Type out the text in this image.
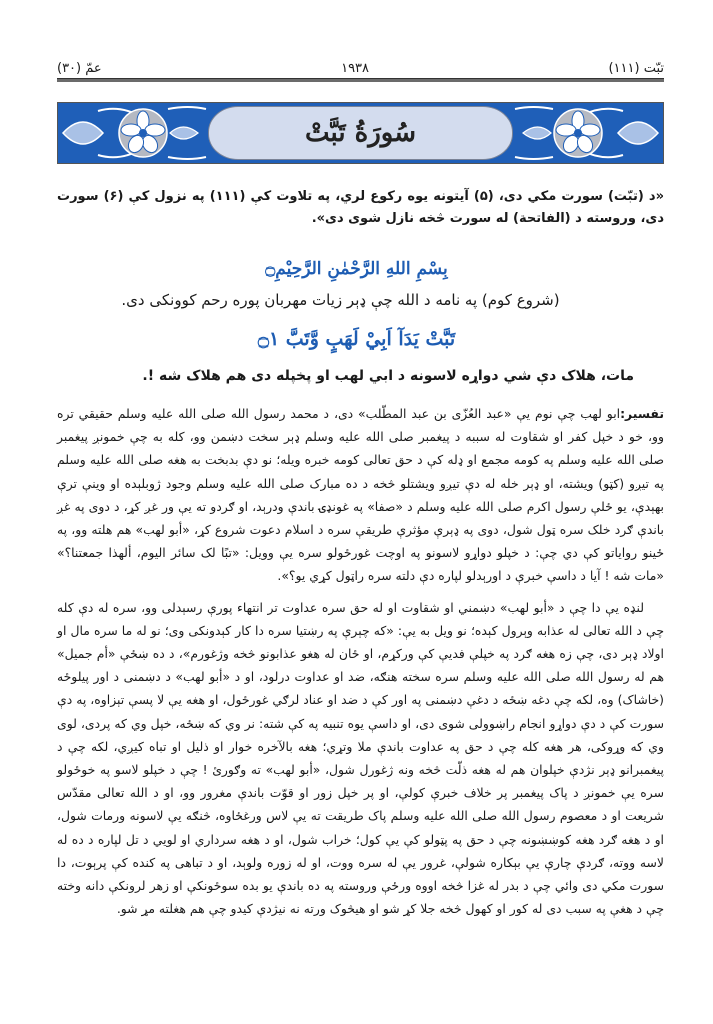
تبّت (۱۱۱)
۱۹۳۸
عمّ (۳۰)
سُورَةُ تَبَّتْ
«د (تبّت) سورت مکي دی، (۵) آیتونه یوه رکوع لري، په تلاوت کې (۱۱۱) په نزول کې (۶) سورت دی، وروسته د (الفاتحة) له سورت څخه نازل شوی دی».
بِسْمِ اللهِ الرَّحْمٰنِ الرَّحِيْمِ۝
(شروع کوم) په نامه د الله چې ډېر زيات مهربان پوره رحم کوونکی دی.
تَبَّتْ يَدَآ اَبِيْ لَهَبٍ وَّتَبَّ ۝۱
مات، هلاک دې شي دواړه لاسونه د ابي لهب او پخپله دی هم هلاک شه !.

تفسير:ابو لهب چې نوم یې «عبد العُزّی بن عبد المطّلب» دی، د محمد رسول الله صلی الله علیه وسلم حقیقي تره وو، خو د خپل کفر او شقاوت له سببه د پیغمبر صلی الله علیه وسلم ډېر سخت دښمن وو، کله به چې خمونږ پیغمبر صلی الله علیه وسلم په کومه مجمع او ډله کې د حق تعالی کومه خبره ویله؛ نو دې بدبخت به هغه صلی الله علیه وسلم په تیږو (کټو) ویشته، او ډېر خله له دې تیږو ویشتلو څخه د ده مبارک صلی الله علیه وسلم وجود ژوبلېده او وینې ترې بهېدې، یو ځلې رسول اکرم صلی الله علیه وسلم د «صفا» په غونډۍ باندې ودرېد، او ګردو ته یې ور غږ کړ، د دوی په غږ باندې ګرد خلک سره ټول شول، دوی په ډېرې مؤثرې طریقې سره د اسلام دعوت شروع کړ، «أبو لهب» هم هلته وو، په ځینو روایاتو کې دي چې: د خپلو دواړو لاسونو په اوچت غورځولو سره یې وویل: «تبًا لک سائر الیوم، ألهذا جمعتنا؟» «مات شه ! آیا د داسې خبرې د اورېدلو لپاره دې دلته سره راټول کړي یو؟».

لنډه یې دا چې د «أبو لهب» دښمني او شقاوت او له حق سره عداوت تر انتهاء پورې رسېدلی وو، سره له دې کله چې د الله تعالی له عذابه وېرول کېده؛ نو ویل به یې: «که چېرې په رښتیا سره دا کار کېدونکی وی؛ نو له ما سره مال او اولاد ډېر دی، چې زه هغه ګرد په خپلې فدیې کې ورکړم، او ځان له هغو عذابونو څخه وژغورم»، د ده ښځې «أم جمیل» هم له رسول الله صلی الله علیه وسلم سره سخته هنګه، ضد او عداوت درلود، او د «أبو لهب» د دښمنی د اور پیلوځه (خاشاک) وه، لکه چې دغه ښځه د دغې دښمنی په اور کې د ضد او عناد لرګي غورځول، او هغه یې لا پسې تېزاوه، په دې سورت کې د دې دواړو انجام راښوولی شوی دی، او داسې یوه تنبیه په کې شته: نر وي که ښځه، خپل وي که پردی، لوی وي که وړوکی، هر هغه کله چې د حق په عداوت باندې ملا وتړي؛ هغه بالآخره خوار او ذلیل او تباه کیږي، لکه چې د پیغمبرانو ډېر نژدې خپلوان هم له هغه ذلّت څخه ونه ژغورل شول، «أبو لهب» ته وګورئ ! چې د خپلو لاسو په خوځولو سره یې خمونږ د پاک پیغمبر پر خلاف خبرې کولې، او پر خپل زور او قوّت باندې مغرور وو، او د الله تعالی مقدّس شریعت او د معصوم رسول الله صلی الله علیه وسلم پاک طریقت ته یې لاس ورغځاوه، څنګه یې لاسونه ورمات شول، او د هغه ګرد هغه کوښښونه چې د حق په پټولو کې یې کول؛ خراب شول، او د هغه سرداري او لویي د تل لپاره د ده له لاسه ووته، ګردې چارې یې بېکاره شولې، غرور یې له سره ووت، او له زوره ولوېد، او د تباهی په کنده کې پرېوت، دا سورت مکي دی وائي چې د بدر له غزا څخه اووه ورځې وروسته په ده باندې یو بده سوځونکې او زهر لرونکې دانه وخته چې د هغې په سبب دی له کور او کهول څخه جلا کړ شو او هیڅوک ورته نه نیژدې کیدو چې هم هغلته مړ شو.
